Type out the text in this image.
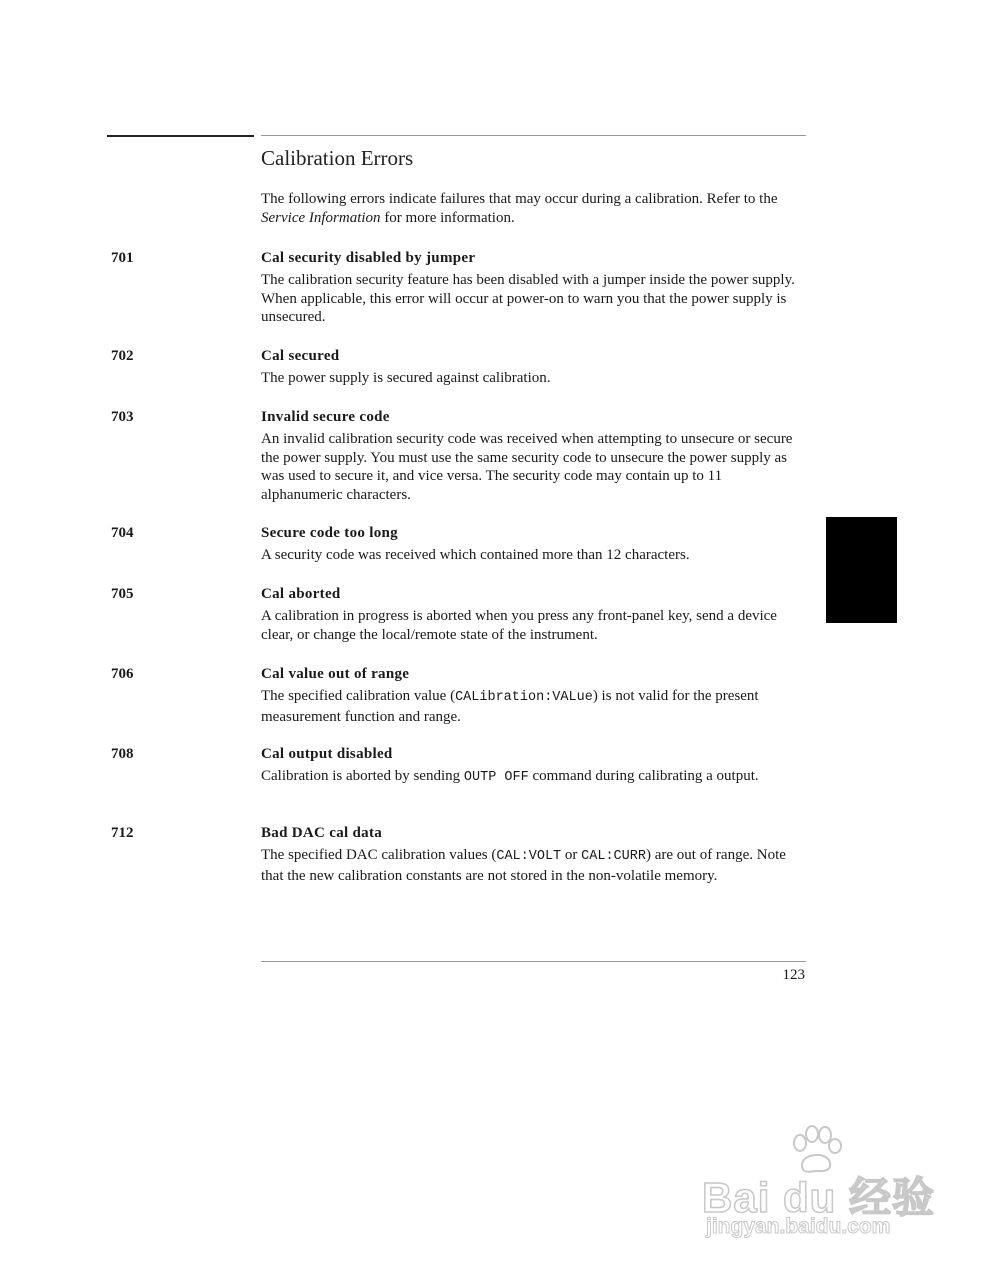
Calibration Errors
The following errors indicate failures that may occur during a calibration. Refer to the Service Information for more information.
701	Cal security disabled by jumper
The calibration security feature has been disabled with a jumper inside the power supply. When applicable, this error will occur at power-on to warn you that the power supply is unsecured.
702	Cal secured
The power supply is secured against calibration.
703	Invalid secure code
An invalid calibration security code was received when attempting to unsecure or secure the power supply. You must use the same security code to unsecure the power supply as was used to secure it, and vice versa. The security code may contain up to 11 alphanumeric characters.
704	Secure code too long
A security code was received which contained more than 12 characters.
705	Cal aborted
A calibration in progress is aborted when you press any front-panel key, send a device clear, or change the local/remote state of the instrument.
706	Cal value out of range
The specified calibration value (CALibration:VALue) is not valid for the present measurement function and range.
708	Cal output disabled
Calibration is aborted by sending OUTP OFF command during calibrating a output.
712	Bad DAC cal data
The specified DAC calibration values (CAL:VOLT or CAL:CURR) are out of range. Note that the new calibration constants are not stored in the non-volatile memory.
123
Bai du 经验
jingyan.baidu.com
